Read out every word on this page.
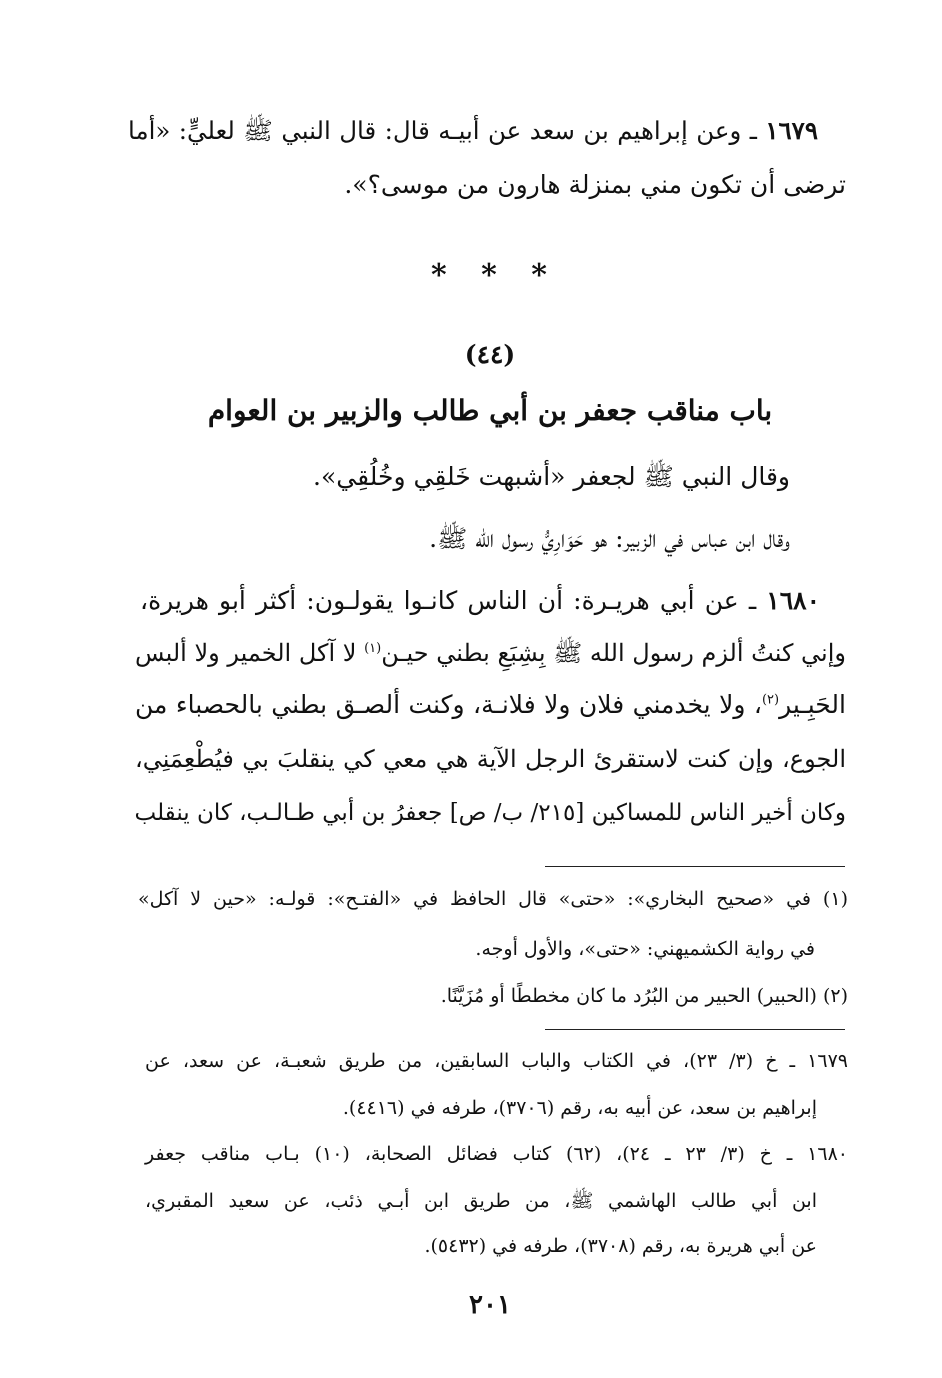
١٦٧٩ ـ وعن إبراهيم بن سعد عن أبيـه قال: قال النبي ﷺ لعليٍّ: «أما
ترضى أن تكون مني بمنزلة هارون من موسى؟».
* * *
(٤٤)
باب مناقب جعفر بن أبي طالب والزبير بن العوام
وقال النبي ﷺ لجعفر «أشبهت خَلقِي وخُلُقِي».
وقال ابن عباس في الزبير: هو حَوَارِيُّ رسول الله ﷺ.
١٦٨٠ ـ عن أبي هريـرة: أن الناس كانـوا يقولـون: أكثر أبو هريرة،
وإني كنتُ ألزم رسول الله ﷺ بِشِبَعِ بطني حيـن$^{(١)}$ لا آكل الخمير ولا ألبس
الحَبِـير$^{(٢)}$، ولا يخدمني فلان ولا فلانـة، وكنت ألصـق بطني بالحصباء من
الجوع، وإن كنت لاستقرئ الرجل الآية هي معي كي ينقلبَ بي فيُطْعِمَنِي،
وكان أخير الناس للمساكين [٢١٥/ ب/ ص] جعفرُ بن أبي طـالـب، كان ينقلب
(١) في «صحيح البخاري»: «حتى» قال الحافظ في «الفتـح»: قولـه: «حين لا آكل»
في رواية الكشميهني: «حتى»، والأول أوجه.
(٢) (الحبير) الحبير من البُرُد ما كان مخططًا أو مُزَيَّنًا.
١٦٧٩ ـ خ (٣/ ٢٣)، في الكتاب والباب السابقين، من طريق شعبـة، عن سعد، عن
إبراهيم بن سعد، عن أبيه به، رقم (٣٧٠٦)، طرفه في (٤٤١٦).
١٦٨٠ ـ خ (٣/ ٢٣ ـ ٢٤)، (٦٢) كتاب فضائل الصحابة، (١٠) بـاب مناقب جعفر
ابن أبي طالب الهاشمي ﷺ، من طريق ابن أبـي ذئب، عن سعيد المقبري،
عن أبي هريرة به، رقم (٣٧٠٨)، طرفه في (٥٤٣٢).
٢٠١
